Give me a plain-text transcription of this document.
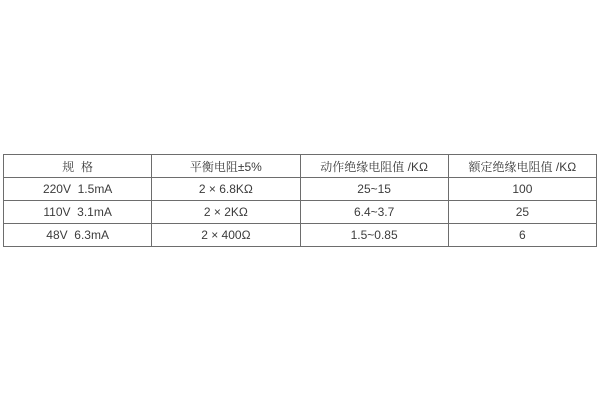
规  格	平衡电阻±5%	动作绝缘电阻值 /KΩ	额定绝缘电阻值 /KΩ
220V  1.5mA	2 × 6.8KΩ	25~15	100
110V  3.1mA	2 × 2KΩ	6.4~3.7	25
48V  6.3mA	2 × 400Ω	1.5~0.85	6
